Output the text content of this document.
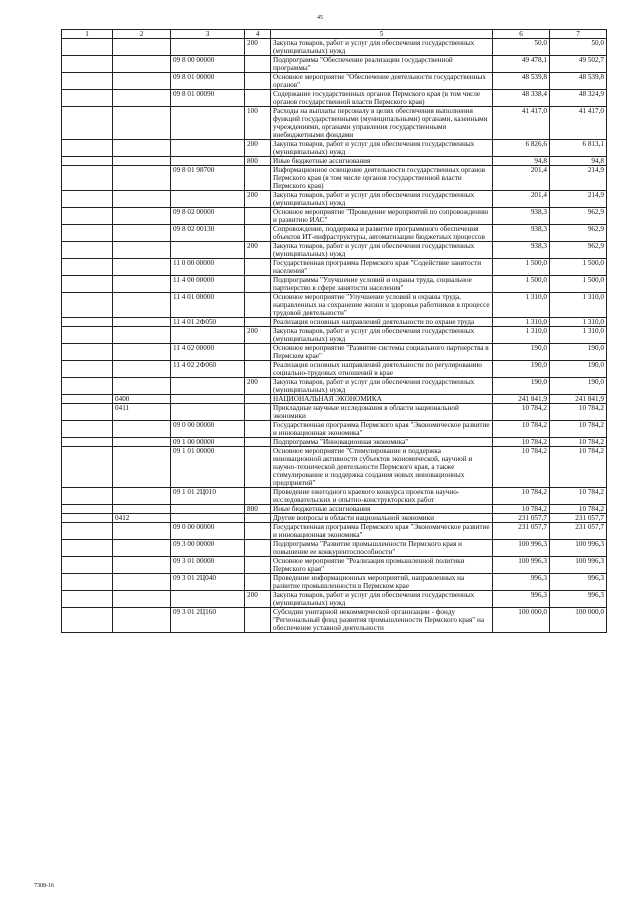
45
1	2	3	4	5	6	7
			200	Закупка товаров, работ и услуг для обеспечения государственных (муниципальных) нужд	50,0	50,0
		09 8 00 00000		Подпрограмма "Обеспечение реализации государственной программы"	49 478,1	49 502,7
		09 8 01 00000		Основное мероприятие "Обеспечение деятельности государственных органов"	48 539,8	48 539,8
		09 8 01 00090		Содержание государственных органов Пермского края (в том числе органов государственной власти Пермского края)	48 338,4	48 324,9
			100	Расходы на выплаты персоналу в целях обеспечения выполнения функций государственными (муниципальными) органами, казенными учреждениями, органами управления государственными внебюджетными фондами	41 417,0	41 417,0
			200	Закупка товаров, работ и услуг для обеспечения государственных (муниципальных) нужд	6 826,6	6 813,1
			800	Иные бюджетные ассигнования	94,8	94,8
		09 8 01 98700		Информационное освещение деятельности государственных органов Пермского края (в том числе органов государственной власти Пермского края)	201,4	214,9
			200	Закупка товаров, работ и услуг для обеспечения государственных (муниципальных) нужд	201,4	214,9
		09 8 02 00000		Основное мероприятие "Проведение мероприятий по сопровождению и развитию ИАС"	938,3	962,9
		09 8 02 00130		Сопровождение, поддержка и развитие программного обеспечения объектов ИТ-инфраструктуры, автоматизации бюджетных процессов	938,3	962,9
			200	Закупка товаров, работ и услуг для обеспечения государственных (муниципальных) нужд	938,3	962,9
		11 0 00 00000		Государственная программа Пермского края "Содействие занятости населения"	1 500,0	1 500,0
		11 4 00 00000		Подпрограмма "Улучшение условий и охраны труда, социальное партнерство в сфере занятости населения"	1 500,0	1 500,0
		11 4 01 00000		Основное мероприятие "Улучшение условий и охраны труда, направленных на сохранение жизни и здоровья работников в процессе трудовой деятельности"	1 310,0	1 310,0
		11 4 01 2Ф050		Реализация основных направлений деятельности по охране труда	1 310,0	1 310,0
			200	Закупка товаров, работ и услуг для обеспечения государственных (муниципальных) нужд	1 310,0	1 310,0
		11 4 02 00000		Основное мероприятие "Развитие системы социального партнерства в Пермском крае"	190,0	190,0
		11 4 02 2Ф060		Реализация основных направлений деятельности по регулированию социально-трудовых отношений в крае	190,0	190,0
			200	Закупка товаров, работ и услуг для обеспечения государственных (муниципальных) нужд	190,0	190,0
	0400			НАЦИОНАЛЬНАЯ ЭКОНОМИКА	241 841,9	241 841,9
	0411			Прикладные научные исследования в области национальной экономики	10 784,2	10 784,2
		09 0 00 00000		Государственная программа Пермского края "Экономическое развитие и инновационная экономика"	10 784,2	10 784,2
		09 1 00 00000		Подпрограмма "Инновационная экономика"	10 784,2	10 784,2
		09 1 01 00000		Основное мероприятие "Стимулирование и поддержка инновационной активности субъектов экономической, научной и научно-технической деятельности Пермского края, а также стимулирование и поддержка создания новых инновационных предприятий"	10 784,2	10 784,2
		09 1 01 2Ц010		Проведение ежегодного краевого конкурса проектов научно-исследовательских и опытно-конструкторских работ	10 784,2	10 784,2
			800	Иные бюджетные ассигнования	10 784,2	10 784,2
	0412			Другие вопросы в области национальной экономики	231 057,7	231 057,7
		09 0 00 00000		Государственная программа Пермского края "Экономическое развитие и инновационная экономика"	231 057,7	231 057,7
		09 3 00 00000		Подпрограмма "Развитие промышленности Пермского края и повышение ее конкурентоспособности"	100 996,3	100 996,3
		09 3 01 00000		Основное мероприятие "Реализация промышленной политики Пермского края"	100 996,3	100 996,3
		09 3 01 2Ц040		Проведение информационных мероприятий, направленных на развитие промышленности в Пермском крае	996,3	996,3
			200	Закупка товаров, работ и услуг для обеспечения государственных (муниципальных) нужд	996,3	996,3
		09 3 01 2Ц160		Субсидии унитарной некоммерческой организации - фонду "Региональный фонд развития промышленности Пермского края" на обеспечение уставной деятельности	100 000,0	100 000,0
7308-16
